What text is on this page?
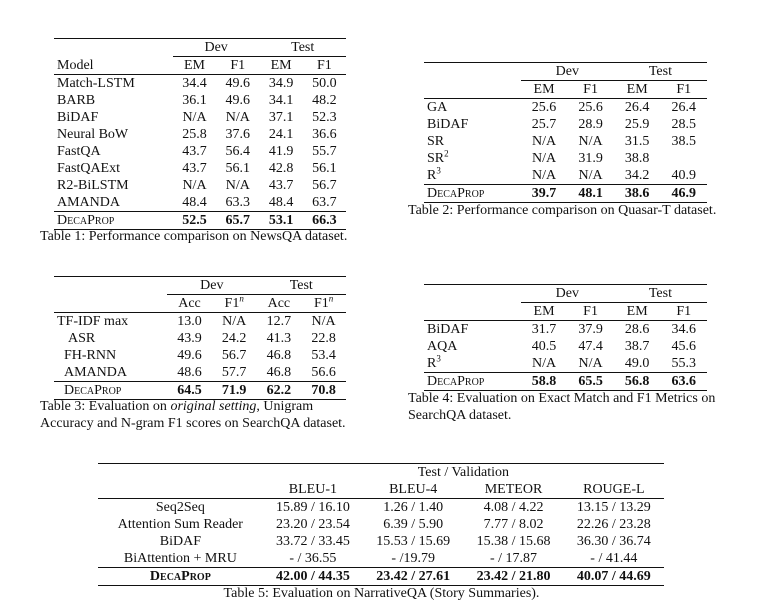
	Dev		Test	
Model	EM	F1	EM	F1
Match-LSTM	34.4	49.6	34.9	50.0
BARB	36.1	49.6	34.1	48.2
BiDAF	N/A	N/A	37.1	52.3
Neural BoW	25.8	37.6	24.1	36.6
FastQA	43.7	56.4	41.9	55.7
FastQAExt	43.7	56.1	42.8	56.1
R2-BiLSTM	N/A	N/A	43.7	56.7
AMANDA	48.4	63.3	48.4	63.7
DecaProp	52.5	65.7	53.1	66.3
Table 1: Performance comparison on NewsQA dataset.
	Dev		Test	
	EM	F1	EM	F1
GA	25.6	25.6	26.4	26.4
BiDAF	25.7	28.9	25.9	28.5
SR	N/A	N/A	31.5	38.5
$SR^2$	N/A	31.9	38.8	
$R^3$	N/A	N/A	34.2	40.9
DecaProp	39.7	48.1	38.6	46.9
Table 2: Performance comparison on Quasar-T dataset.
	Dev		Test	
	Acc	F1$^n$	Acc	F1$^n$
TF-IDF max	13.0	N/A	12.7	N/A
ASR	43.9	24.2	41.3	22.8
FH-RNN	49.6	56.7	46.8	53.4
AMANDA	48.6	57.7	46.8	56.6
DecaProp	64.5	71.9	62.2	70.8
Table 3: Evaluation on original setting, Unigram Accuracy and N-gram F1 scores on SearchQA dataset.
	Dev		Test	
	EM	F1	EM	F1
BiDAF	31.7	37.9	28.6	34.6
AQA	40.5	47.4	38.7	45.6
$R^3$	N/A	N/A	49.0	55.3
DecaProp	58.8	65.5	56.8	63.6
Table 4: Evaluation on Exact Match and F1 Metrics on SearchQA dataset.
	Test / Validation			
	BLEU-1	BLEU-4	METEOR	ROUGE-L
Seq2Seq	15.89 / 16.10	1.26 / 1.40	4.08 / 4.22	13.15 / 13.29
Attention Sum Reader	23.20 / 23.54	6.39 / 5.90	7.77 / 8.02	22.26 / 23.28
BiDAF	33.72 / 33.45	15.53 / 15.69	15.38 / 15.68	36.30 / 36.74
BiAttention + MRU	- / 36.55	- /19.79	- / 17.87	- / 41.44
DecaProp	42.00 / 44.35	23.42 / 27.61	23.42 / 21.80	40.07 / 44.69
Table 5: Evaluation on NarrativeQA (Story Summaries).
